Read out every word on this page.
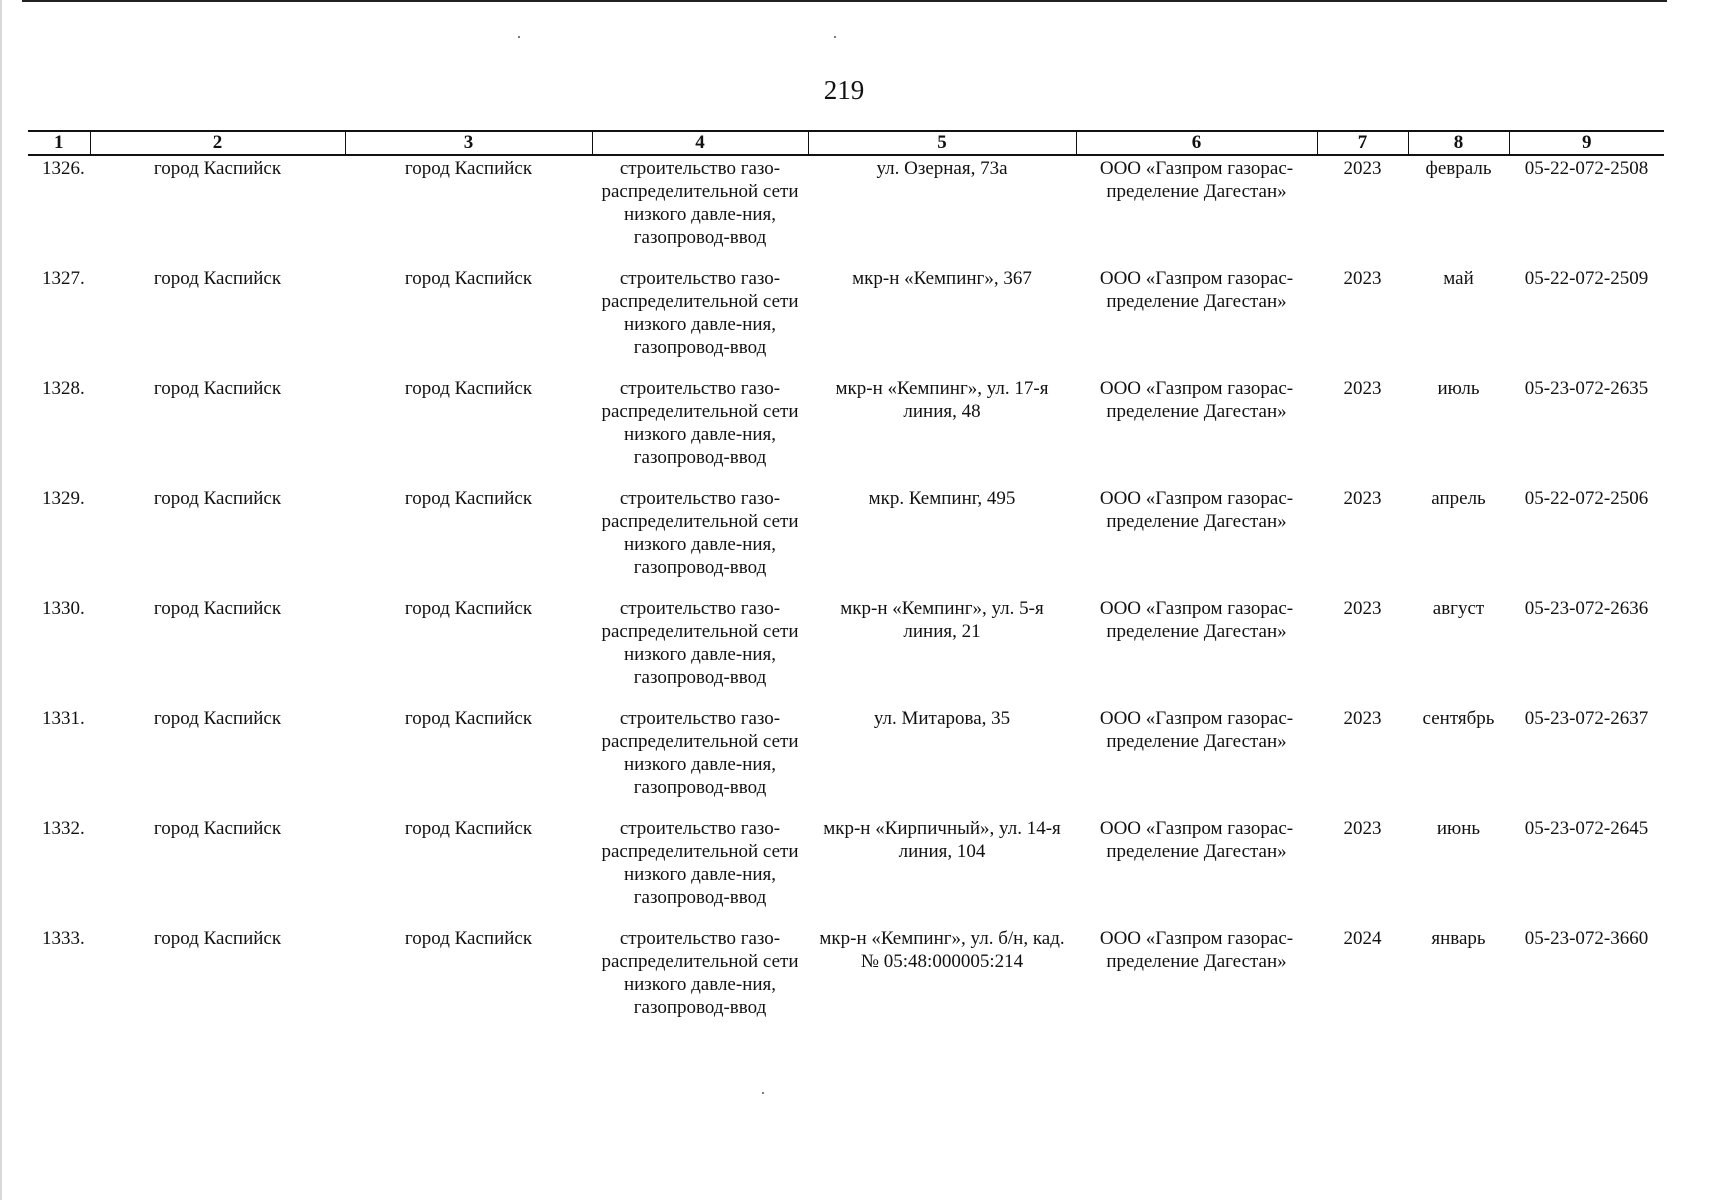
219
1	2	3	4	5	6	7	8	9
1326.	город Каспийск	город Каспийск	строительство газо-распределительной сети низкого давле-ния, газопровод-ввод	ул. Озерная, 73а	ООО «Газпром газорас-пределение Дагестан»	2023	февраль	05-22-072-2508
1327.	город Каспийск	город Каспийск	строительство газо-распределительной сети низкого давле-ния, газопровод-ввод	мкр-н «Кемпинг», 367	ООО «Газпром газорас-пределение Дагестан»	2023	май	05-22-072-2509
1328.	город Каспийск	город Каспийск	строительство газо-распределительной сети низкого давле-ния, газопровод-ввод	мкр-н «Кемпинг», ул. 17-я линия, 48	ООО «Газпром газорас-пределение Дагестан»	2023	июль	05-23-072-2635
1329.	город Каспийск	город Каспийск	строительство газо-распределительной сети низкого давле-ния, газопровод-ввод	мкр. Кемпинг, 495	ООО «Газпром газорас-пределение Дагестан»	2023	апрель	05-22-072-2506
1330.	город Каспийск	город Каспийск	строительство газо-распределительной сети низкого давле-ния, газопровод-ввод	мкр-н «Кемпинг», ул. 5-я линия, 21	ООО «Газпром газорас-пределение Дагестан»	2023	август	05-23-072-2636
1331.	город Каспийск	город Каспийск	строительство газо-распределительной сети низкого давле-ния, газопровод-ввод	ул. Митарова, 35	ООО «Газпром газорас-пределение Дагестан»	2023	сентябрь	05-23-072-2637
1332.	город Каспийск	город Каспийск	строительство газо-распределительной сети низкого давле-ния, газопровод-ввод	мкр-н «Кирпичный», ул. 14-я линия, 104	ООО «Газпром газорас-пределение Дагестан»	2023	июнь	05-23-072-2645
1333.	город Каспийск	город Каспийск	строительство газо-распределительной сети низкого давле-ния, газопровод-ввод	мкр-н «Кемпинг», ул. б/н, кад. № 05:48:000005:214	ООО «Газпром газорас-пределение Дагестан»	2024	январь	05-23-072-3660
